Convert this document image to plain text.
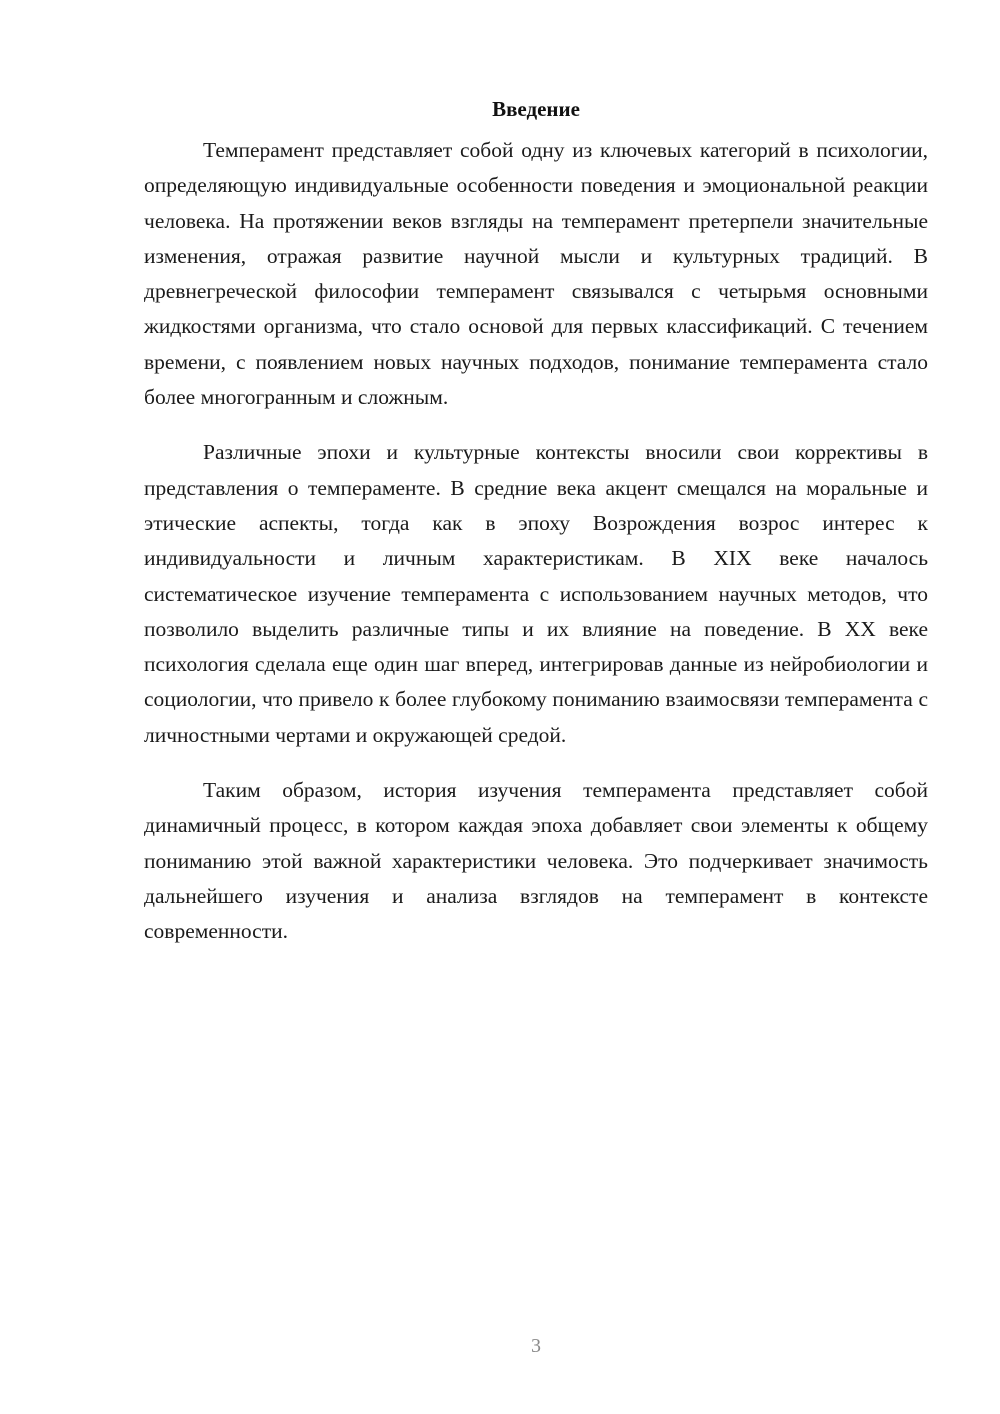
Введение

Темперамент представляет собой одну из ключевых категорий в психологии, определяющую индивидуальные особенности поведения и эмоциональной реакции человека. На протяжении веков взгляды на темперамент претерпели значительные изменения, отражая развитие научной мысли и культурных традиций. В древнегреческой философии темперамент связывался с четырьмя основными жидкостями организма, что стало основой для первых классификаций. С течением времени, с появлением новых научных подходов, понимание темперамента стало более многогранным и сложным.

Различные эпохи и культурные контексты вносили свои коррективы в представления о темпераменте. В средние века акцент смещался на моральные и этические аспекты, тогда как в эпоху Возрождения возрос интерес к индивидуальности и личным характеристикам. В XIX веке началось систематическое изучение темперамента с использованием научных методов, что позволило выделить различные типы и их влияние на поведение. В XX веке психология сделала еще один шаг вперед, интегрировав данные из нейробиологии и социологии, что привело к более глубокому пониманию взаимосвязи темперамента с личностными чертами и окружающей средой.

Таким образом, история изучения темперамента представляет собой динамичный процесс, в котором каждая эпоха добавляет свои элементы к общему пониманию этой важной характеристики человека. Это подчеркивает значимость дальнейшего изучения и анализа взглядов на темперамент в контексте современности.

3
